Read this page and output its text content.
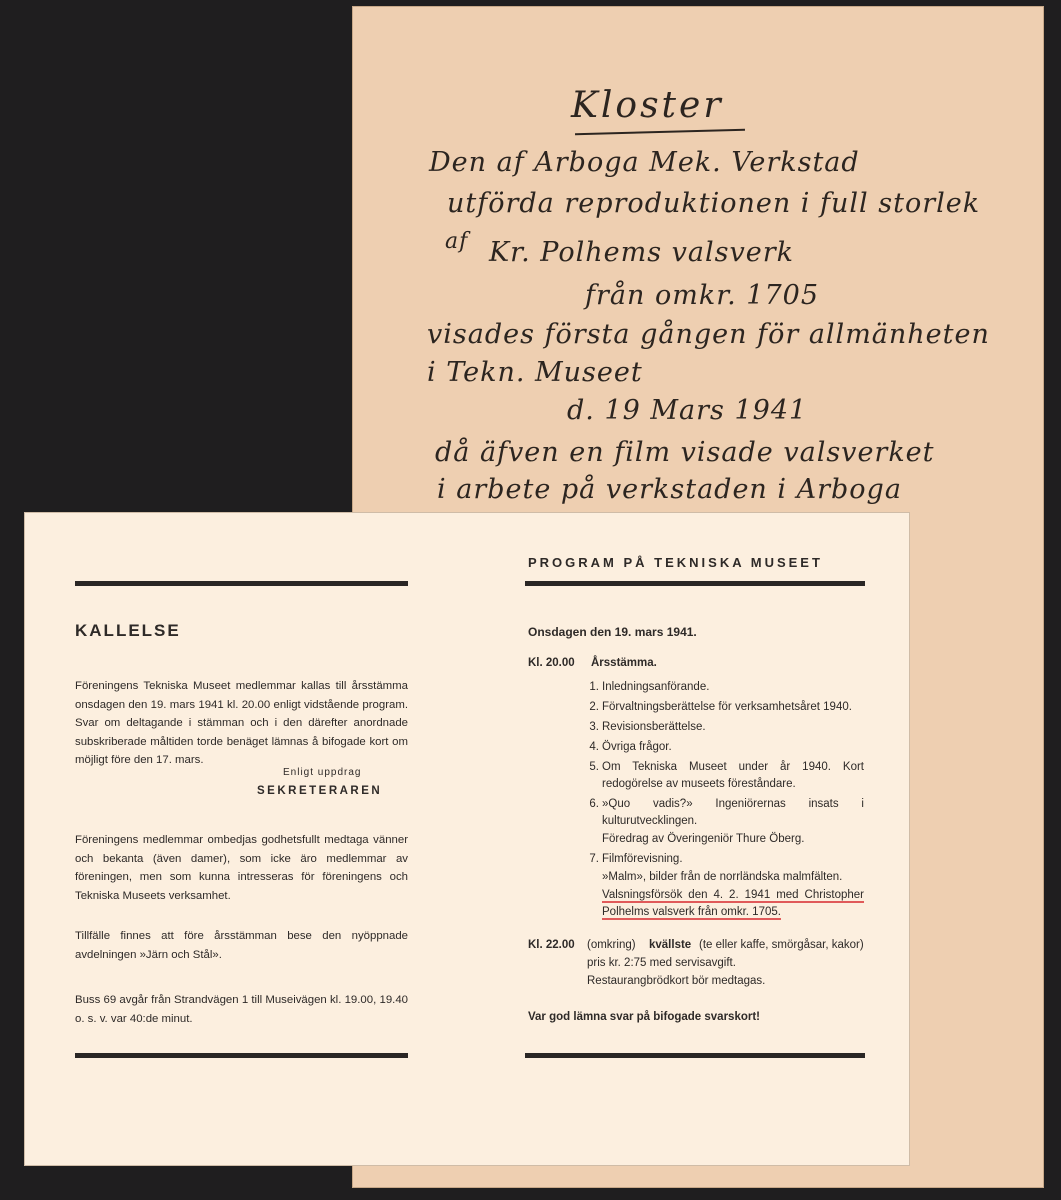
Kloster
Den af Arboga Mek. Verkstad
utförda reproduktionen i full storlek
af Kr. Polhems valsverk
från omkr. 1705
visades första gången för allmänheten
i Tekn. Museet
d. 19 Mars 1941
då äfven en film visade valsverket
i arbete på verkstaden i Arboga
KALLELSE
Föreningens Tekniska Museet medlemmar kallas till årsstämma onsdagen den 19. mars 1941 kl. 20.00 enligt vidstående program. Svar om deltagande i stämman och i den därefter anordnade subskriberade måltiden torde benäget lämnas å bifogade kort om möjligt före den 17. mars.
Enligt uppdrag
SEKRETERAREN
Föreningens medlemmar ombedjas godhetsfullt medtaga vänner och bekanta (även damer), som icke äro medlemmar av föreningen, men som kunna intresseras för föreningens och Tekniska Museets verksamhet.
Tillfälle finnes att före årsstämman bese den nyöppnade avdelningen »Järn och Stål».
Buss 69 avgår från Strandvägen 1 till Museivägen kl. 19.00, 19.40 o. s. v. var 40:de minut.
PROGRAM PÅ TEKNISKA MUSEET
Onsdagen den 19. mars 1941.
Kl. 20.00 Årsstämma.
1. Inledningsanförande.
2. Förvaltningsberättelse för verksamhetsåret 1940.
3. Revisionsberättelse.
4. Övriga frågor.
5. Om Tekniska Museet under år 1940. Kort redogörelse av museets föreståndare.
6. »Quo vadis?» Ingeniörernas insats i kulturutvecklingen.
Föredrag av Överingeniör Thure Öberg.
7. Filmförevisning.
»Malm», bilder från de norrländska malmfälten.
Valsningsförsök den 4. 2. 1941 med Christopher Polhelms valsverk från omkr. 1705.
Kl. 22.00 (omkring) kvällste (te eller kaffe, smörgåsar, kakor)
pris kr. 2:75 med servisavgift.
Restaurangbrödkort bör medtagas.
Var god lämna svar på bifogade svarskort!
